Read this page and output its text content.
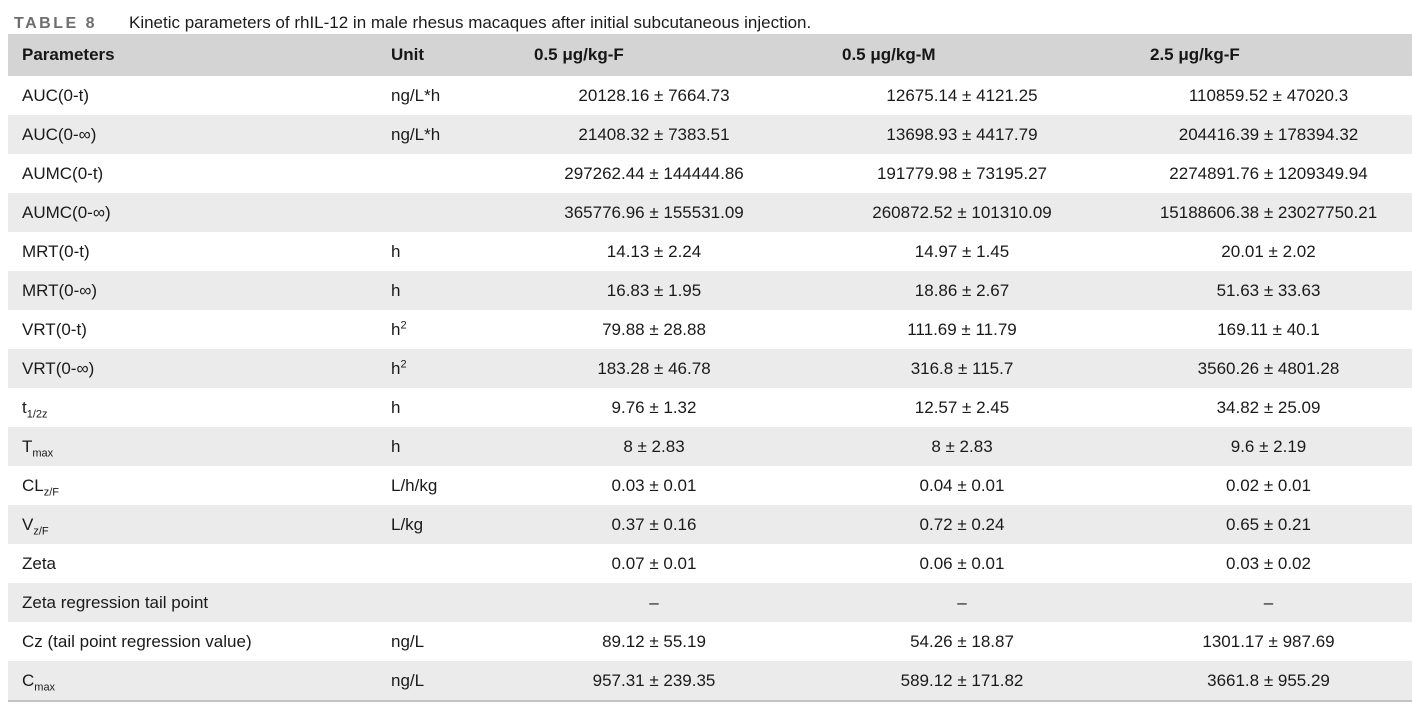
TABLE 8 Kinetic parameters of rhIL-12 in male rhesus macaques after initial subcutaneous injection.
Parameters	Unit	0.5 μg/kg-F	0.5 μg/kg-M	2.5 μg/kg-F
AUC(0-t)	ng/L*h	20128.16 ± 7664.73	12675.14 ± 4121.25	110859.52 ± 47020.3
AUC(0-∞)	ng/L*h	21408.32 ± 7383.51	13698.93 ± 4417.79	204416.39 ± 178394.32
AUMC(0-t)		297262.44 ± 144444.86	191779.98 ± 73195.27	2274891.76 ± 1209349.94
AUMC(0-∞)		365776.96 ± 155531.09	260872.52 ± 101310.09	15188606.38 ± 23027750.21
MRT(0-t)	h	14.13 ± 2.24	14.97 ± 1.45	20.01 ± 2.02
MRT(0-∞)	h	16.83 ± 1.95	18.86 ± 2.67	51.63 ± 33.63
VRT(0-t)	$h^2$	79.88 ± 28.88	111.69 ± 11.79	169.11 ± 40.1
VRT(0-∞)	$h^2$	183.28 ± 46.78	316.8 ± 115.7	3560.26 ± 4801.28
$t_{1/2z}$	h	9.76 ± 1.32	12.57 ± 2.45	34.82 ± 25.09
$T_{max}$	h	8 ± 2.83	8 ± 2.83	9.6 ± 2.19
$CL_{z/F}$	L/h/kg	0.03 ± 0.01	0.04 ± 0.01	0.02 ± 0.01
$V_{z/F}$	L/kg	0.37 ± 0.16	0.72 ± 0.24	0.65 ± 0.21
Zeta		0.07 ± 0.01	0.06 ± 0.01	0.03 ± 0.02
Zeta regression tail point		–	–	–
Cz (tail point regression value)	ng/L	89.12 ± 55.19	54.26 ± 18.87	1301.17 ± 987.69
$C_{max}$	ng/L	957.31 ± 239.35	589.12 ± 171.82	3661.8 ± 955.29
